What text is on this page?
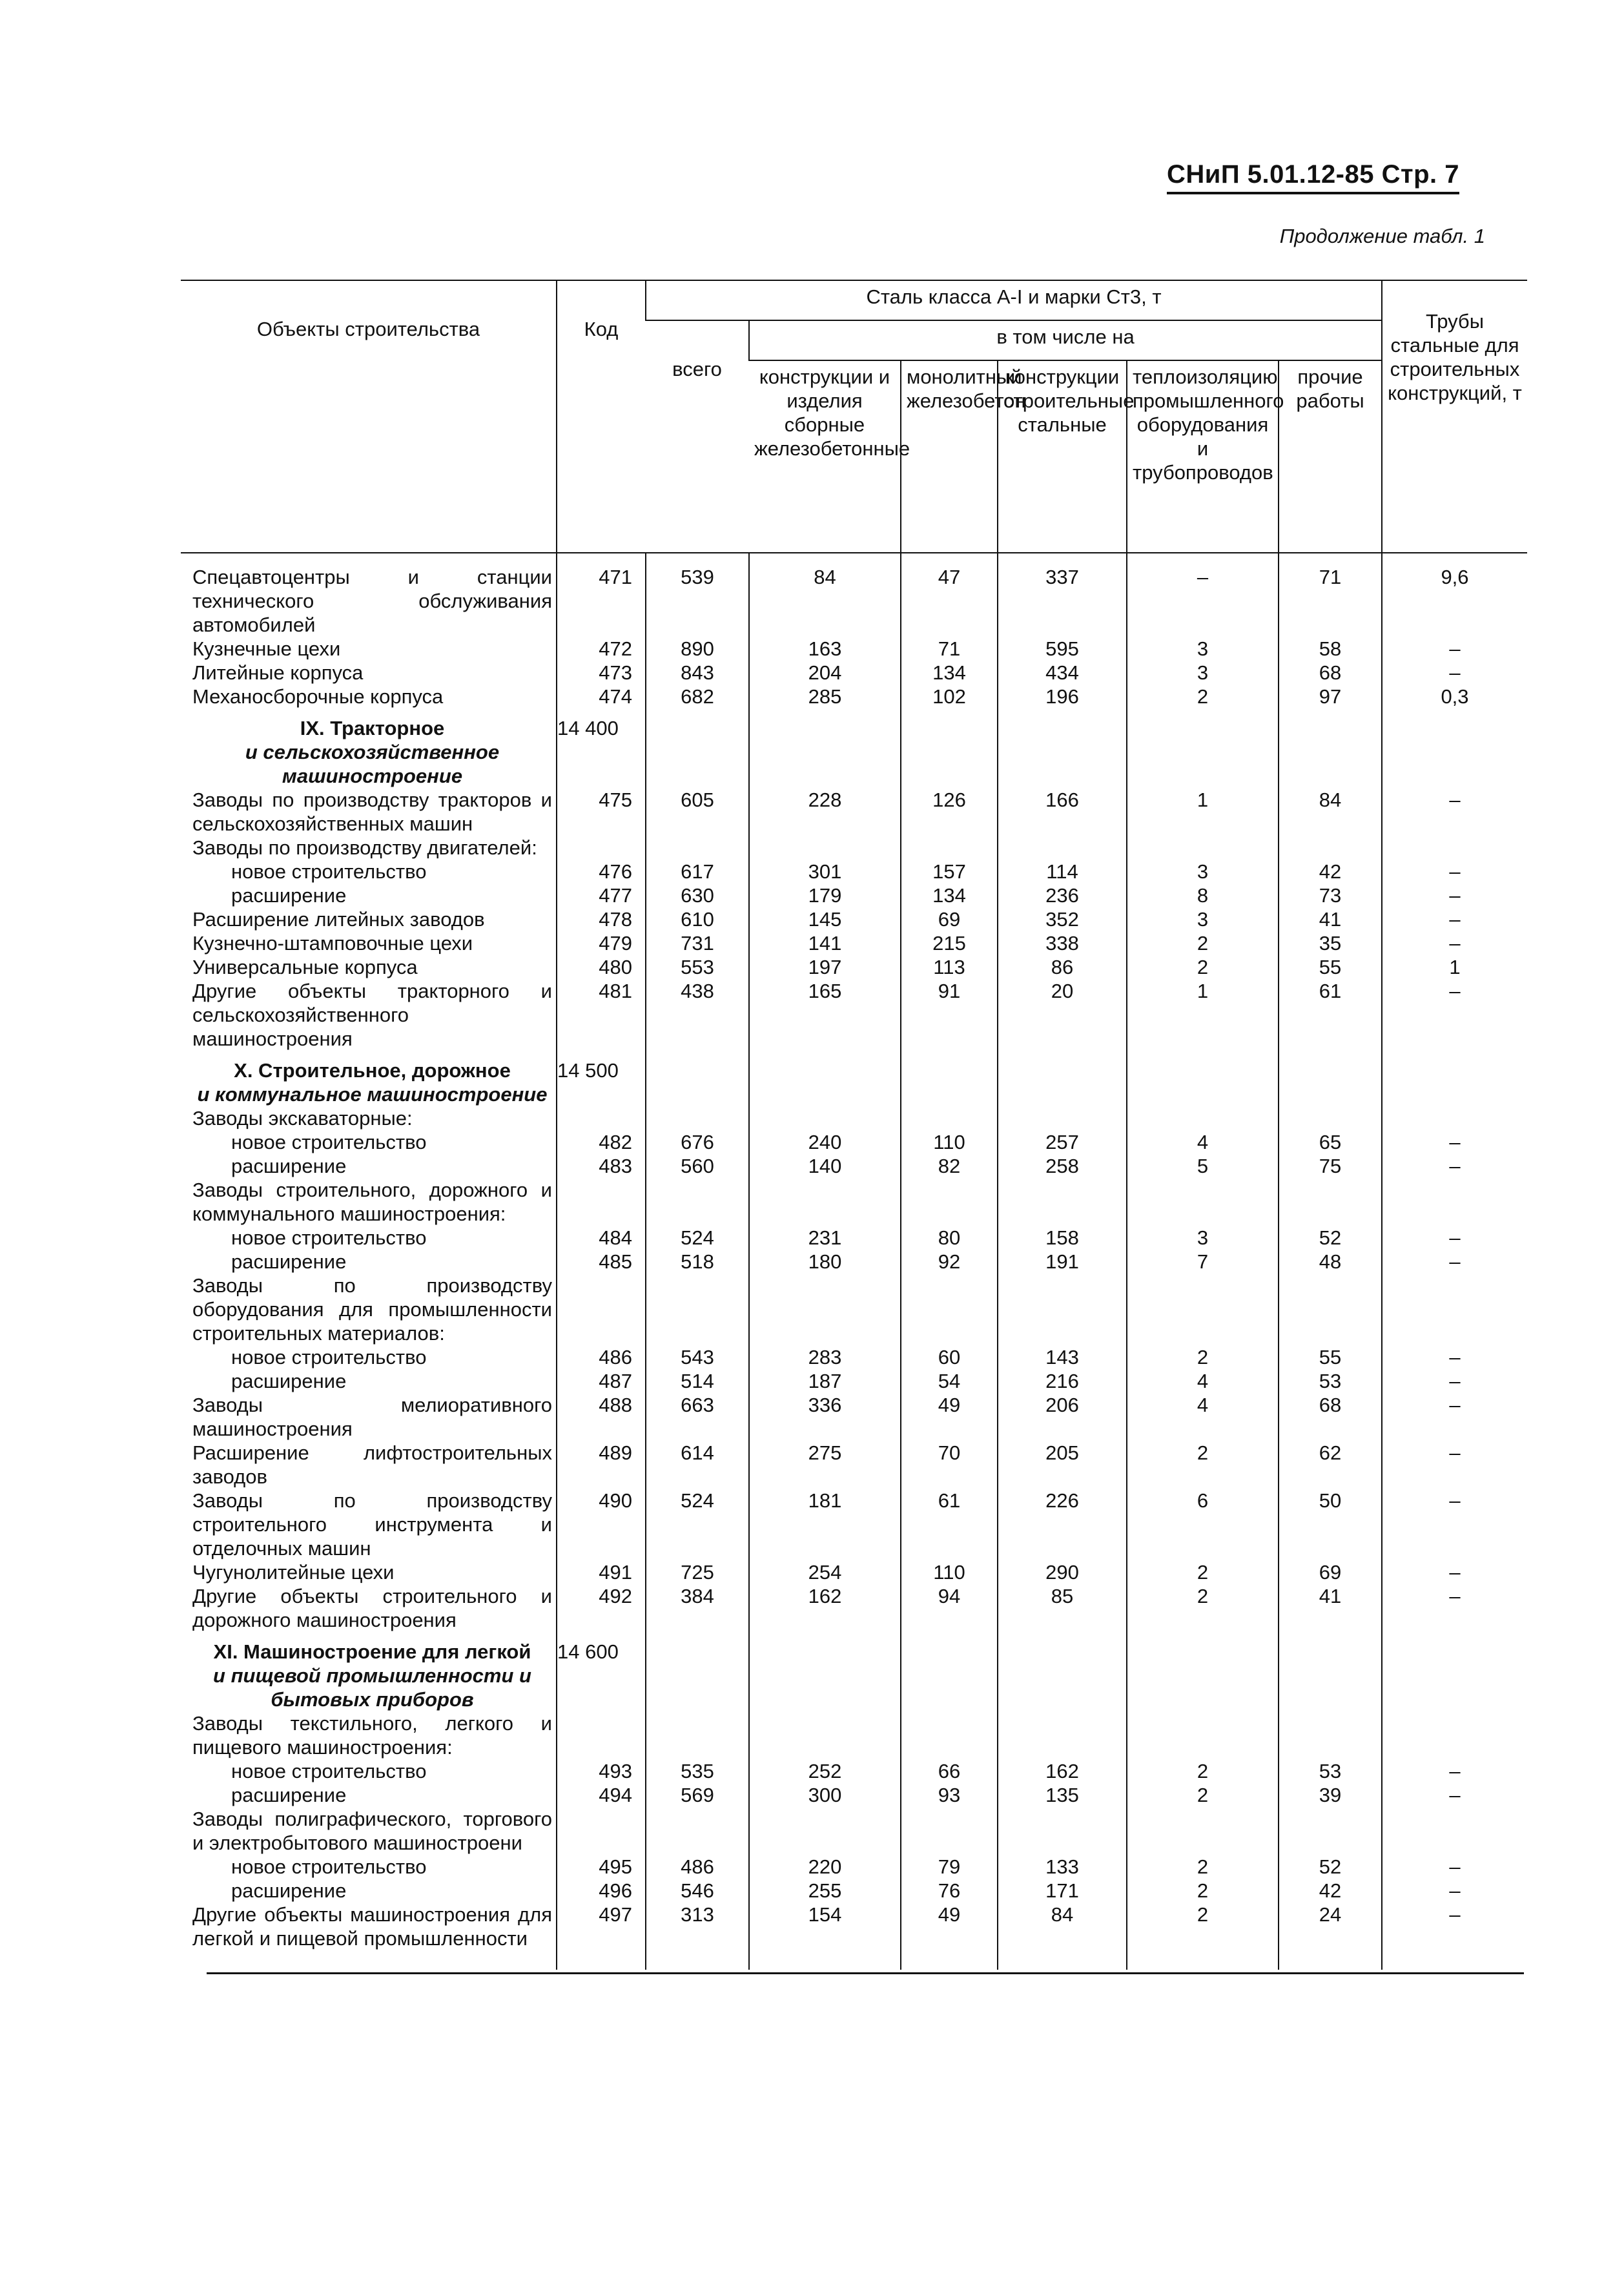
СНиП 5.01.12-85 Стр. 7
Продолжение табл. 1
Объекты строительства	Код	Сталь класса А-I и марки Ст3, т						Трубы стальные для строительных конструкций, т
		всего	в том числе на					
			конструкции и изделия сборные железобетонные	монолитный железобетон	конструкции строительные стальные	теплоизоляцию промышленного оборудования и трубопроводов	прочие работы	
Спецавтоцентры и станции технического обслуживания автомобилей	471	539	84	47	337	–	71	9,6
Кузнечные цехи	472	890	163	71	595	3	58	–
Литейные корпуса	473	843	204	134	434	3	68	–
Механосборочные корпуса	474	682	285	102	196	2	97	0,3
IX. Тракторное
и сельскохозяйственное машиностроение	14 400							
Заводы по производству тракторов и сельскохозяйственных машин	475	605	228	126	166	1	84	–
Заводы по производству двигателей:								
новое строительство	476	617	301	157	114	3	42	–
расширение	477	630	179	134	236	8	73	–
Расширение литейных заводов	478	610	145	69	352	3	41	–
Кузнечно-штамповочные цехи	479	731	141	215	338	2	35	–
Универсальные корпуса	480	553	197	113	86	2	55	1
Другие объекты тракторного и сельскохозяйственного машиностроения	481	438	165	91	20	1	61	–
X. Строительное, дорожное
и коммунальное машиностроение	14 500							
Заводы экскаваторные:								
новое строительство	482	676	240	110	257	4	65	–
расширение	483	560	140	82	258	5	75	–
Заводы строительного, дорожного и коммунального машиностроения:								
новое строительство	484	524	231	80	158	3	52	–
расширение	485	518	180	92	191	7	48	–
Заводы по производству оборудования для промышленности строительных материалов:								
новое строительство	486	543	283	60	143	2	55	–
расширение	487	514	187	54	216	4	53	–
Заводы мелиоративного машиностроения	488	663	336	49	206	4	68	–
Расширение лифтостроительных заводов	489	614	275	70	205	2	62	–
Заводы по производству строительного инструмента и отделочных машин	490	524	181	61	226	6	50	–
Чугунолитейные цехи	491	725	254	110	290	2	69	–
Другие объекты строительного и дорожного машиностроения	492	384	162	94	85	2	41	–
XI. Машиностроение для легкой
и пищевой промышленности и бытовых приборов	14 600							
Заводы текстильного, легкого и пищевого машиностроения:								
новое строительство	493	535	252	66	162	2	53	–
расширение	494	569	300	93	135	2	39	–
Заводы полиграфического, торгового и электробытового машиностроени								
новое строительство	495	486	220	79	133	2	52	–
расширение	496	546	255	76	171	2	42	–
Другие объекты машиностроения для легкой и пищевой промышленности	497	313	154	49	84	2	24	–
